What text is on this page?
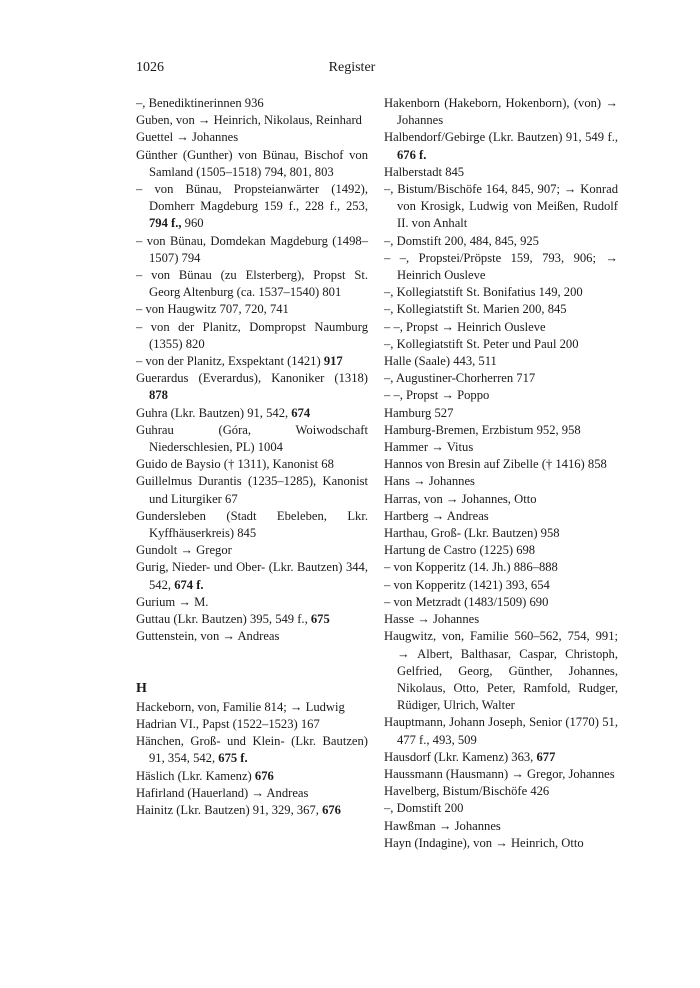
1026	Register
–, Benediktinerinnen 936
Guben, von → Heinrich, Nikolaus, Reinhard
Guettel → Johannes
Günther (Gunther) von Bünau, Bischof von Samland (1505–1518) 794, 801, 803
– von Bünau, Propsteianwärter (1492), Domherr Magdeburg 159 f., 228 f., 253, 794 f., 960
– von Bünau, Domdekan Magdeburg (1498–1507) 794
– von Bünau (zu Elsterberg), Propst St. Georg Altenburg (ca. 1537–1540) 801
– von Haugwitz 707, 720, 741
– von der Planitz, Dompropst Naumburg (1355) 820
– von der Planitz, Exspektant (1421) 917
Guerardus (Everardus), Kanoniker (1318) 878
Guhra (Lkr. Bautzen) 91, 542, 674
Guhrau (Góra, Woiwodschaft Niederschlesien, PL) 1004
Guido de Baysio († 1311), Kanonist 68
Guillelmus Durantis (1235–1285), Kanonist und Liturgiker 67
Gundersleben (Stadt Ebeleben, Lkr. Kyffhäuserkreis) 845
Gundolt → Gregor
Gurig, Nieder- und Ober- (Lkr. Bautzen) 344, 542, 674 f.
Gurium → M.
Guttau (Lkr. Bautzen) 395, 549 f., 675
Guttenstein, von → Andreas
H
Hackeborn, von, Familie 814; → Ludwig
Hadrian VI., Papst (1522–1523) 167
Hänchen, Groß- und Klein- (Lkr. Bautzen) 91, 354, 542, 675 f.
Häslich (Lkr. Kamenz) 676
Hafirland (Hauerland) → Andreas
Hainitz (Lkr. Bautzen) 91, 329, 367, 676
Hakenborn (Hakeborn, Hokenborn), (von) → Johannes
Halbendorf/Gebirge (Lkr. Bautzen) 91, 549 f., 676 f.
Halberstadt 845
–, Bistum/Bischöfe 164, 845, 907; → Konrad von Krosigk, Ludwig von Meißen, Rudolf II. von Anhalt
–, Domstift 200, 484, 845, 925
– –, Propstei/Pröpste 159, 793, 906; → Heinrich Ousleve
–, Kollegiatstift St. Bonifatius 149, 200
–, Kollegiatstift St. Marien 200, 845
– –, Propst → Heinrich Ousleve
–, Kollegiatstift St. Peter und Paul 200
Halle (Saale) 443, 511
–, Augustiner-Chorherren 717
– –, Propst → Poppo
Hamburg 527
Hamburg-Bremen, Erzbistum 952, 958
Hammer → Vitus
Hannos von Bresin auf Zibelle († 1416) 858
Hans → Johannes
Harras, von → Johannes, Otto
Hartberg → Andreas
Harthau, Groß- (Lkr. Bautzen) 958
Hartung de Castro (1225) 698
– von Kopperitz (14. Jh.) 886–888
– von Kopperitz (1421) 393, 654
– von Metzradt (1483/1509) 690
Hasse → Johannes
Haugwitz, von, Familie 560–562, 754, 991; → Albert, Balthasar, Caspar, Christoph, Gelfried, Georg, Günther, Johannes, Nikolaus, Otto, Peter, Ramfold, Rudger, Rüdiger, Ulrich, Walter
Hauptmann, Johann Joseph, Senior (1770) 51, 477 f., 493, 509
Hausdorf (Lkr. Kamenz) 363, 677
Haussmann (Hausmann) → Gregor, Johannes
Havelberg, Bistum/Bischöfe 426
–, Domstift 200
Hawßman → Johannes
Hayn (Indagine), von → Heinrich, Otto
